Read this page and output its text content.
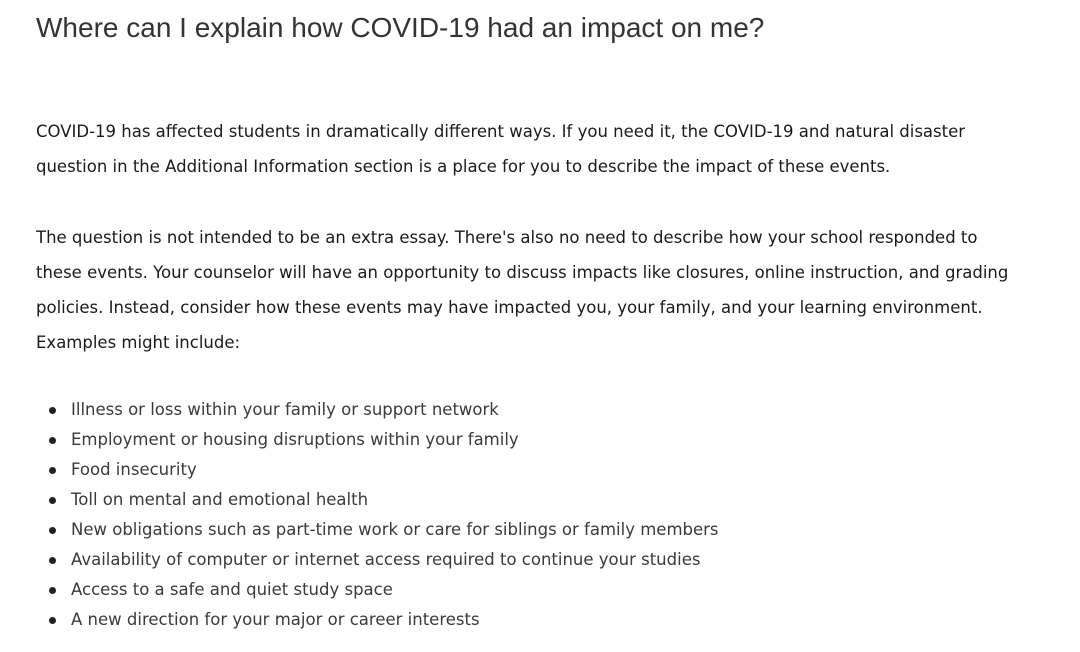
Where can I explain how COVID-19 had an impact on me?

COVID-19 has affected students in dramatically different ways. If you need it, the COVID-19 and natural disaster question in the Additional Information section is a place for you to describe the impact of these events.

The question is not intended to be an extra essay. There's also no need to describe how your school responded to these events. Your counselor will have an opportunity to discuss impacts like closures, online instruction, and grading policies. Instead, consider how these events may have impacted you, your family, and your learning environment. Examples might include:

Illness or loss within your family or support network
Employment or housing disruptions within your family
Food insecurity
Toll on mental and emotional health
New obligations such as part-time work or care for siblings or family members
Availability of computer or internet access required to continue your studies
Access to a safe and quiet study space
A new direction for your major or career interests
